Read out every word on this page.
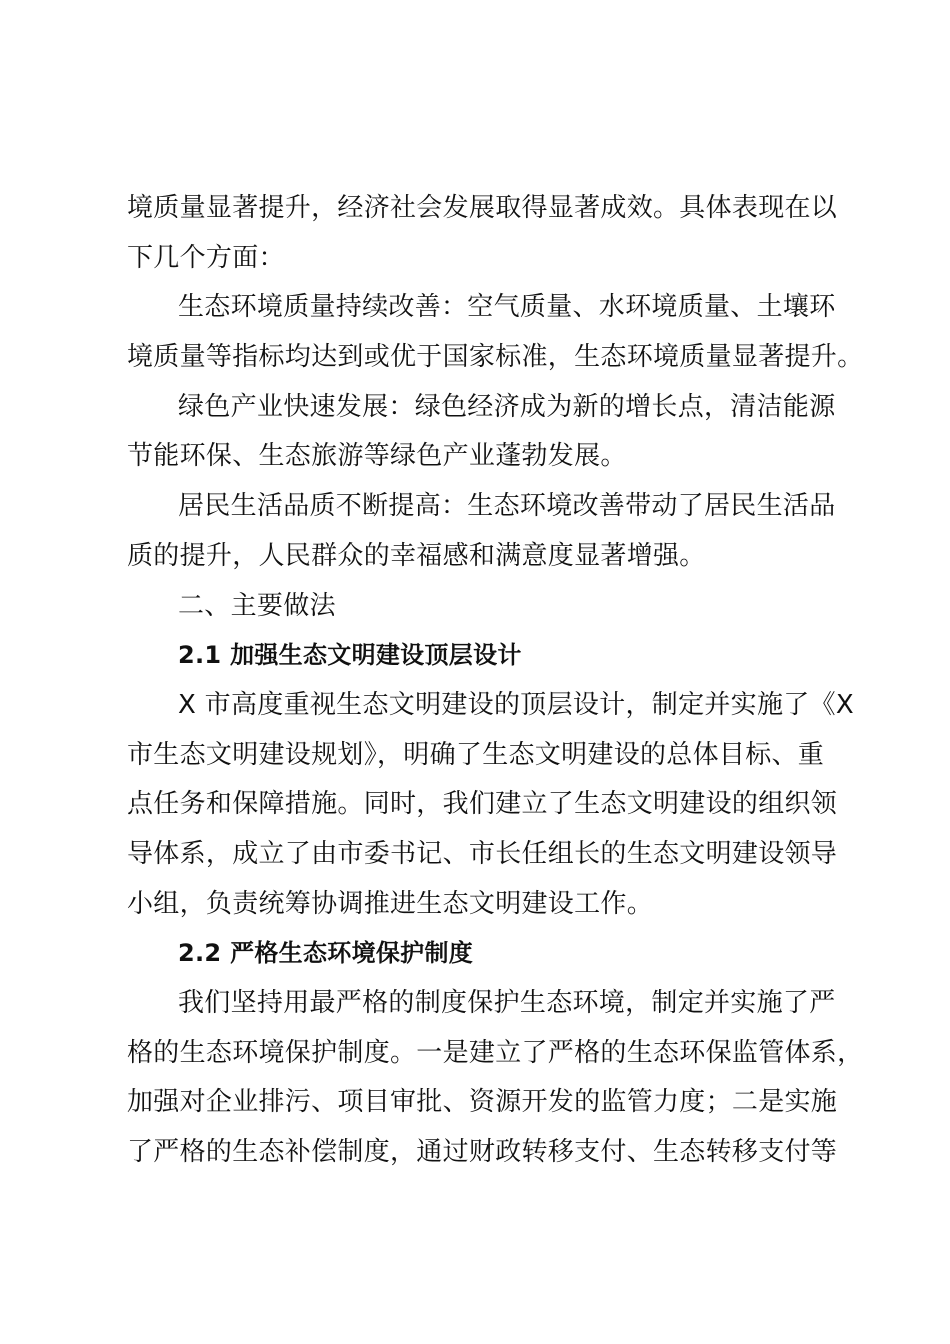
境质量显著提升，经济社会发展取得显著成效。具体表现在以
下几个方面：
生态环境质量持续改善：空气质量、水环境质量、土壤环
境质量等指标均达到或优于国家标准，生态环境质量显著提升。
绿色产业快速发展：绿色经济成为新的增长点，清洁能源
节能环保、生态旅游等绿色产业蓬勃发展。
居民生活品质不断提高：生态环境改善带动了居民生活品
质的提升，人民群众的幸福感和满意度显著增强。
二、主要做法
2.1 加强生态文明建设顶层设计
X 市高度重视生态文明建设的顶层设计，制定并实施了《X
市生态文明建设规划》，明确了生态文明建设的总体目标、重
点任务和保障措施。同时，我们建立了生态文明建设的组织领
导体系，成立了由市委书记、市长任组长的生态文明建设领导
小组，负责统筹协调推进生态文明建设工作。
2.2 严格生态环境保护制度
我们坚持用最严格的制度保护生态环境，制定并实施了严
格的生态环境保护制度。一是建立了严格的生态环保监管体系，
加强对企业排污、项目审批、资源开发的监管力度；二是实施
了严格的生态补偿制度，通过财政转移支付、生态转移支付等
